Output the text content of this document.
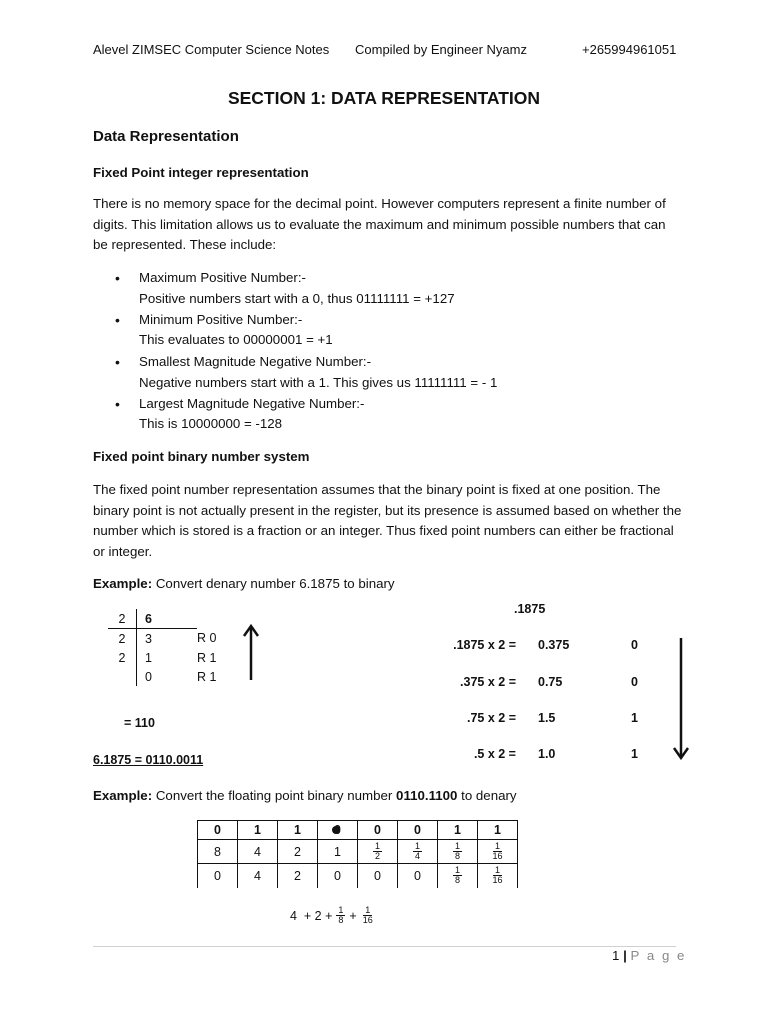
Alevel ZIMSEC Computer Science Notes Compiled by Engineer Nyamz	+265994961051
SECTION 1: DATA REPRESENTATION
Data Representation
Fixed Point integer representation

There is no memory space for the decimal point. However computers represent a finite number of digits. This limitation allows us to evaluate the maximum and minimum possible numbers that can be represented. These include:

• Maximum Positive Number:-
Positive numbers start with a 0, thus 01111111 = +127
• Minimum Positive Number:-
This evaluates to 00000001 = +1
• Smallest Magnitude Negative Number:-
Negative numbers start with a 1. This gives us 11111111 = - 1
• Largest Magnitude Negative Number:-
This is 10000000 = -128
Fixed point binary number system

The fixed point number representation assumes that the binary point is fixed at one position. The binary point is not actually present in the register, but its presence is assumed based on whether the number which is stored is a fraction or an integer. Thus fixed point numbers can either be fractional or integer.

Example: Convert denary number 6.1875 to binary
2	6	
2	3	R 0
2	1	R 1
	0	R 1
= 110
6.1875 = 0110.0011
.1875
.1875 x 2 = 0.375	0
.375 x 2 = 0.75	0
.75 x 2 = 1.5	1
.5 x 2 = 1.0	1
Example: Convert the floating point binary number 0110.1100 to denary
0	1	1		0	0	1	1
8	4	2	1	$\frac{1}{2}$	$\frac{1}{4}$	$\frac{1}{8}$	$\frac{1}{16}$

0	4	2	0	0	0	$\frac{1}{8}$	$\frac{1}{16}$
$4 + 2 + \frac{1}{8} + \frac{1}{16}$
1 | P a g e
